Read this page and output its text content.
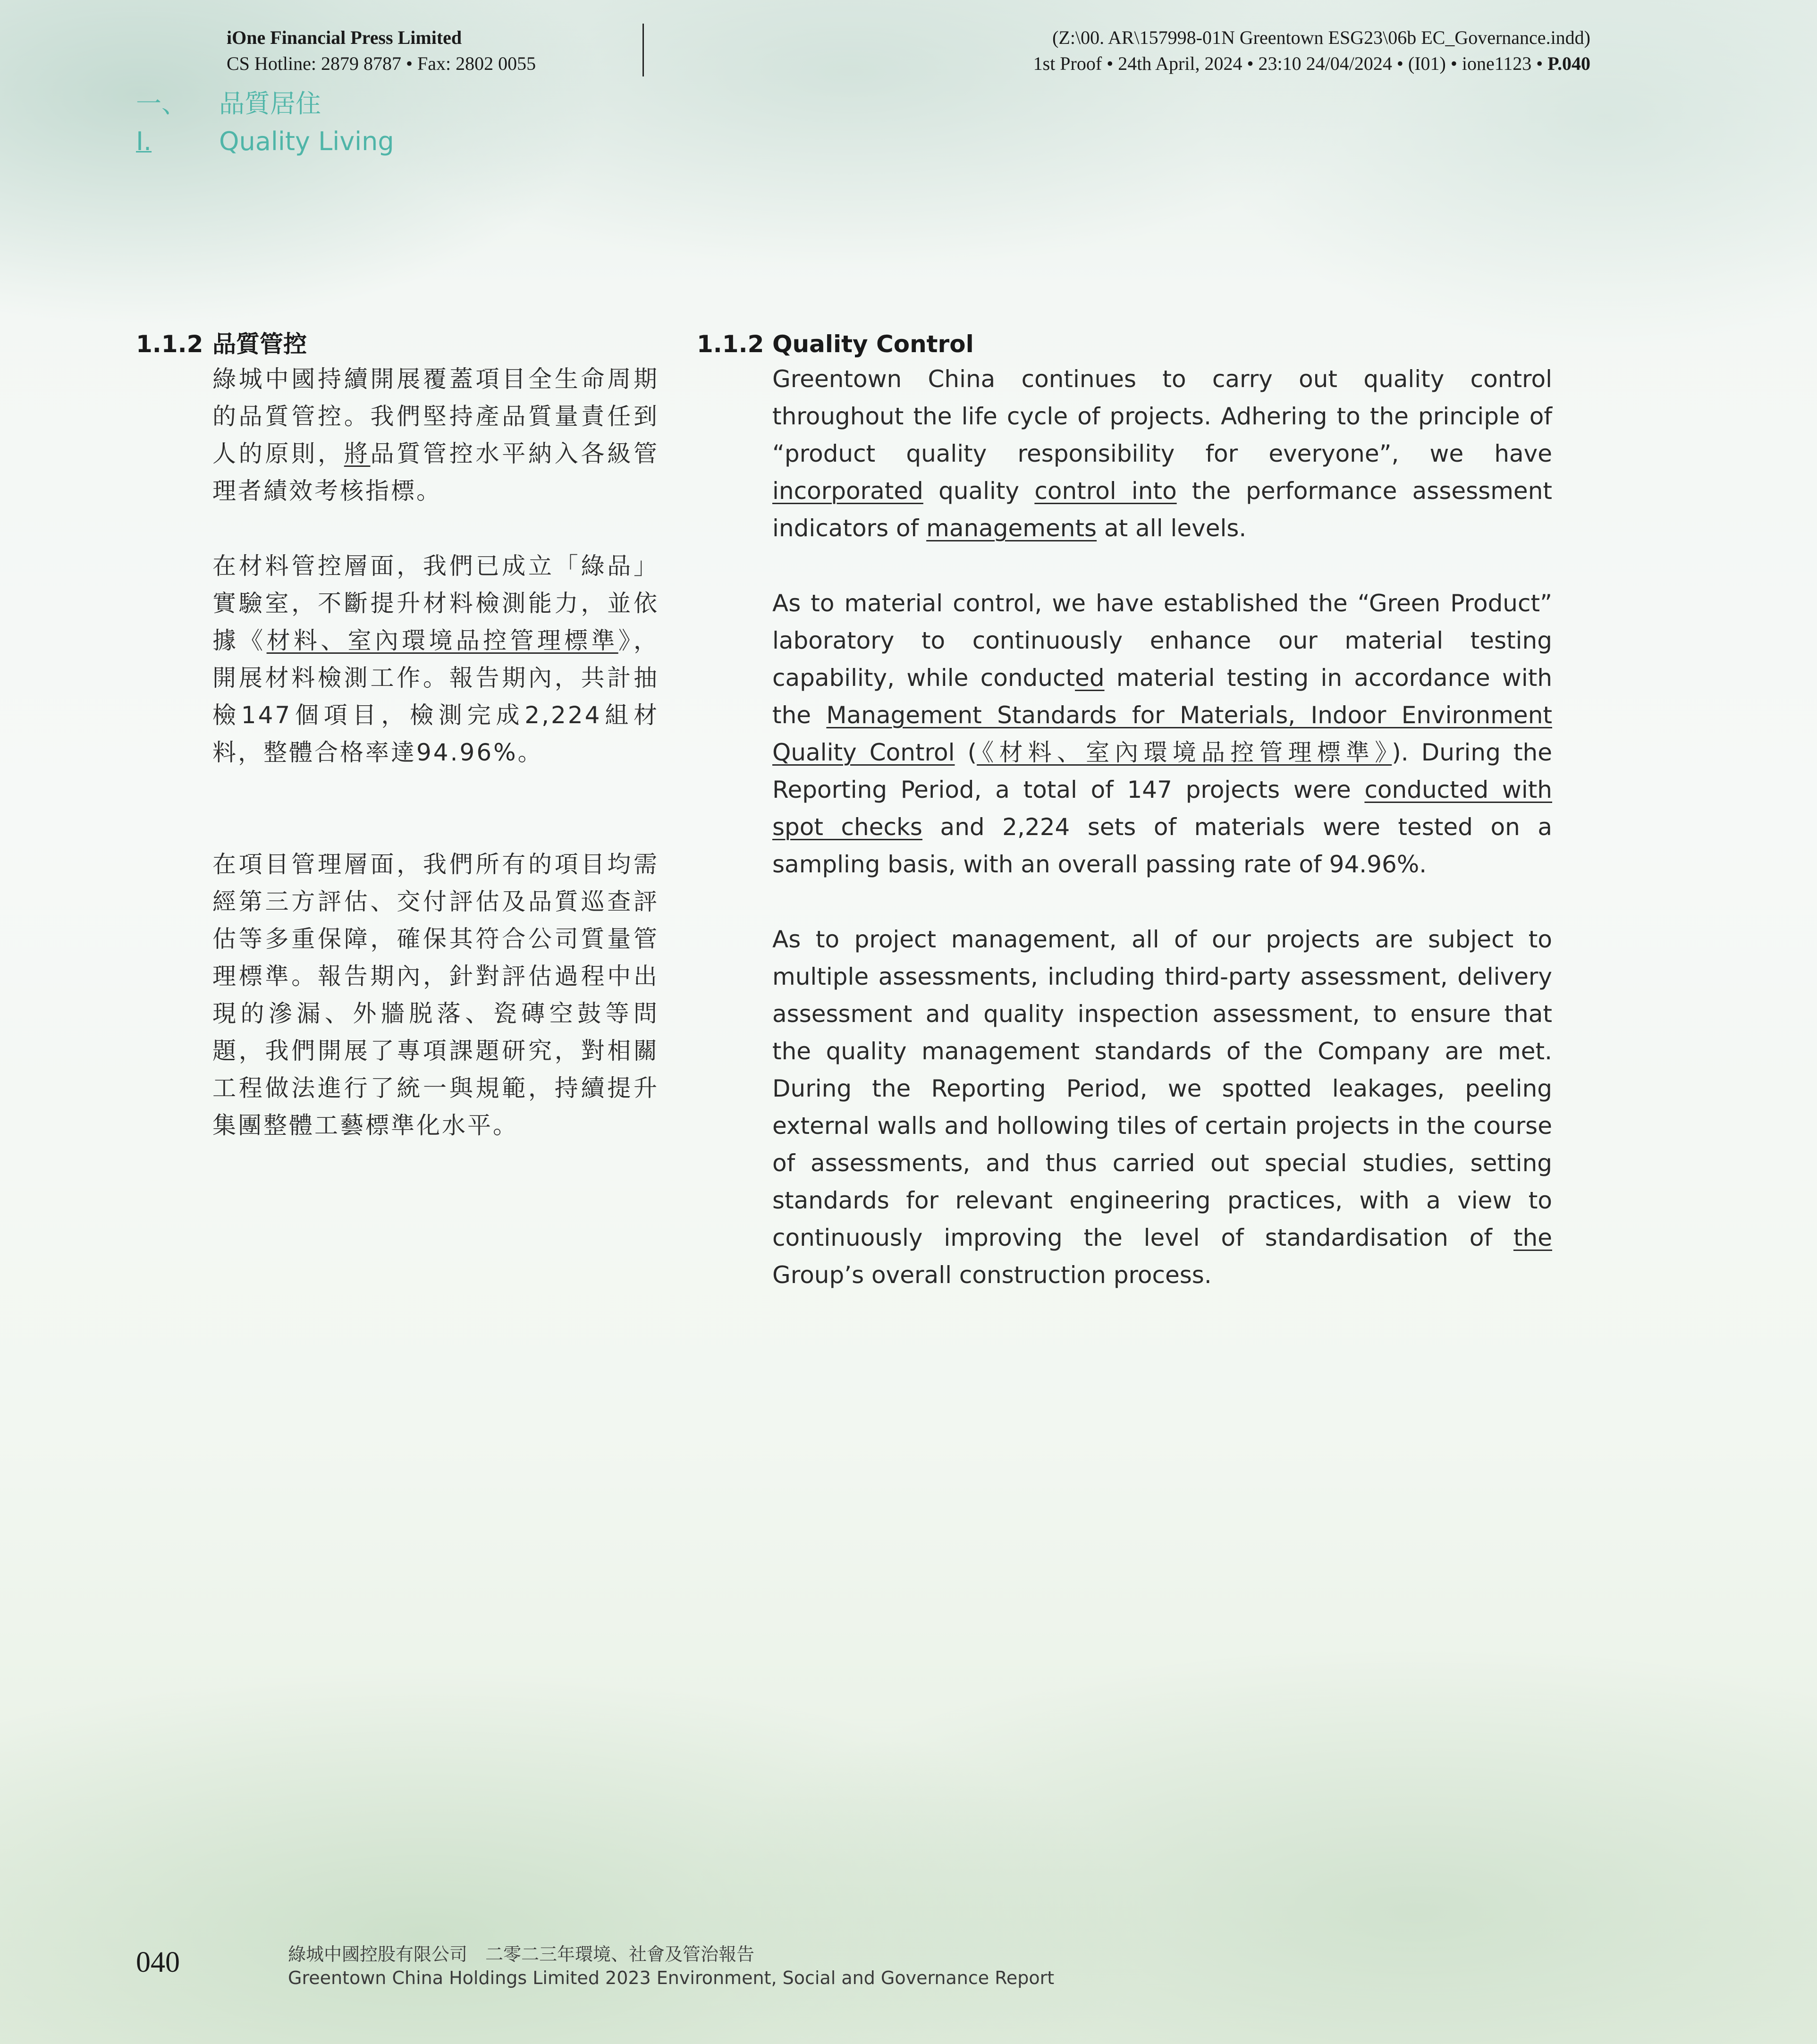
iOne Financial Press Limited
CS Hotline: 2879 8787 • Fax: 2802 0055
(Z:\00. AR\157998-01N Greentown ESG23\06b EC_Governance.indd)
1st Proof • 24th April, 2024 • 23:10 24/04/2024 • (I01) • ione1123 • P.040
一、	品質居住
I.	Quality Living
1.1.2 品質管控
綠城中國持續開展覆蓋項目全生命周期的品質管控。我們堅持產品質量責任到人的原則，將品質管控水平納入各級管理者績效考核指標。
在材料管控層面，我們已成立「綠品」實驗室，不斷提升材料檢測能力，並依據《材料、室內環境品控管理標準》，開展材料檢測工作。報告期內，共計抽檢147個項目，檢測完成2,224組材料，整體合格率達94.96%。
在項目管理層面，我們所有的項目均需經第三方評估、交付評估及品質巡查評估等多重保障，確保其符合公司質量管理標準。報告期內，針對評估過程中出現的滲漏、外牆脱落、瓷磚空鼓等問題，我們開展了專項課題研究，對相關工程做法進行了統一與規範，持續提升集團整體工藝標準化水平。
1.1.2 Quality Control
Greentown China continues to carry out quality control throughout the life cycle of projects. Adhering to the principle of “product quality responsibility for everyone”, we have incorporated quality control into the performance assessment indicators of managements at all levels.
As to material control, we have established the “Green Product” laboratory to continuously enhance our material testing capability, while conducted material testing in accordance with the Management Standards for Materials, Indoor Environment Quality Control (《材料、室內環境品控管理標準》). During the Reporting Period, a total of 147 projects were conducted with spot checks and 2,224 sets of materials were tested on a sampling basis, with an overall passing rate of 94.96%.
As to project management, all of our projects are subject to multiple assessments, including third-party assessment, delivery assessment and quality inspection assessment, to ensure that the quality management standards of the Company are met. During the Reporting Period, we spotted leakages, peeling external walls and hollowing tiles of certain projects in the course of assessments, and thus carried out special studies, setting standards for relevant engineering practices, with a view to continuously improving the level of standardisation of the Group’s overall construction process.
040	綠城中國控股有限公司　二零二三年環境、社會及管治報告
Greentown China Holdings Limited 2023 Environment, Social and Governance Report
